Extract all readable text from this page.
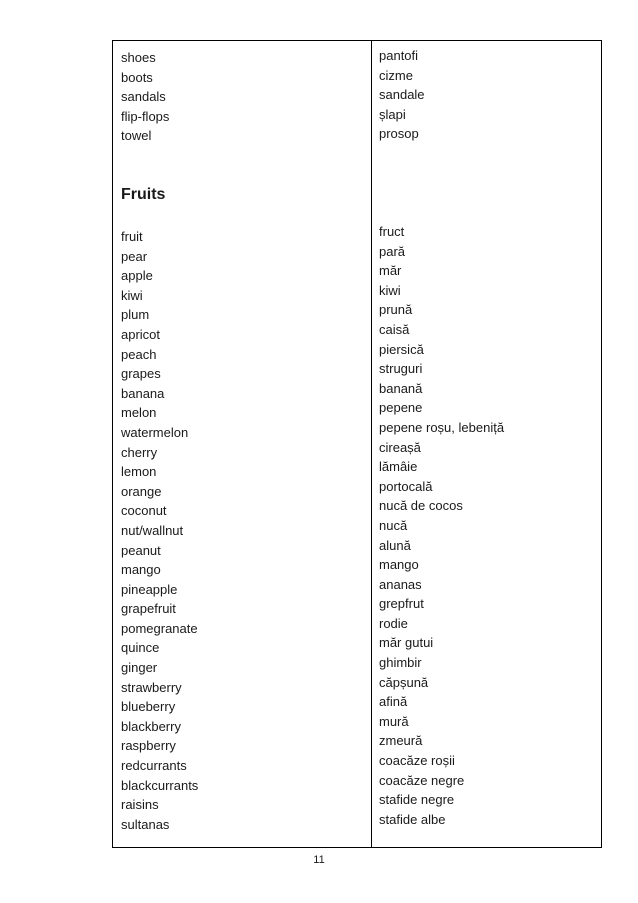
shoes
boots
sandals
flip-flops
towel
Fruits
fruit
pear
apple
kiwi
plum
apricot
peach
grapes
banana
melon
watermelon
cherry
lemon
orange
coconut
nut/wallnut
peanut
mango
pineapple
grapefruit
pomegranate
quince
ginger
strawberry
blueberry
blackberry
raspberry
redcurrants
blackcurrants
raisins
sultanas
pantofi
cizme
sandale
șlapi
prosop
fruct
pară
măr
kiwi
prună
caisă
piersică
struguri
banană
pepene
pepene roșu, lebeniță
cireașă
lămâie
portocală
nucă de cocos
nucă
alună
mango
ananas
grepfrut
rodie
măr gutui
ghimbir
căpșună
afină
mură
zmeură
coacăze roșii
coacăze negre
stafide negre
stafide albe
11
